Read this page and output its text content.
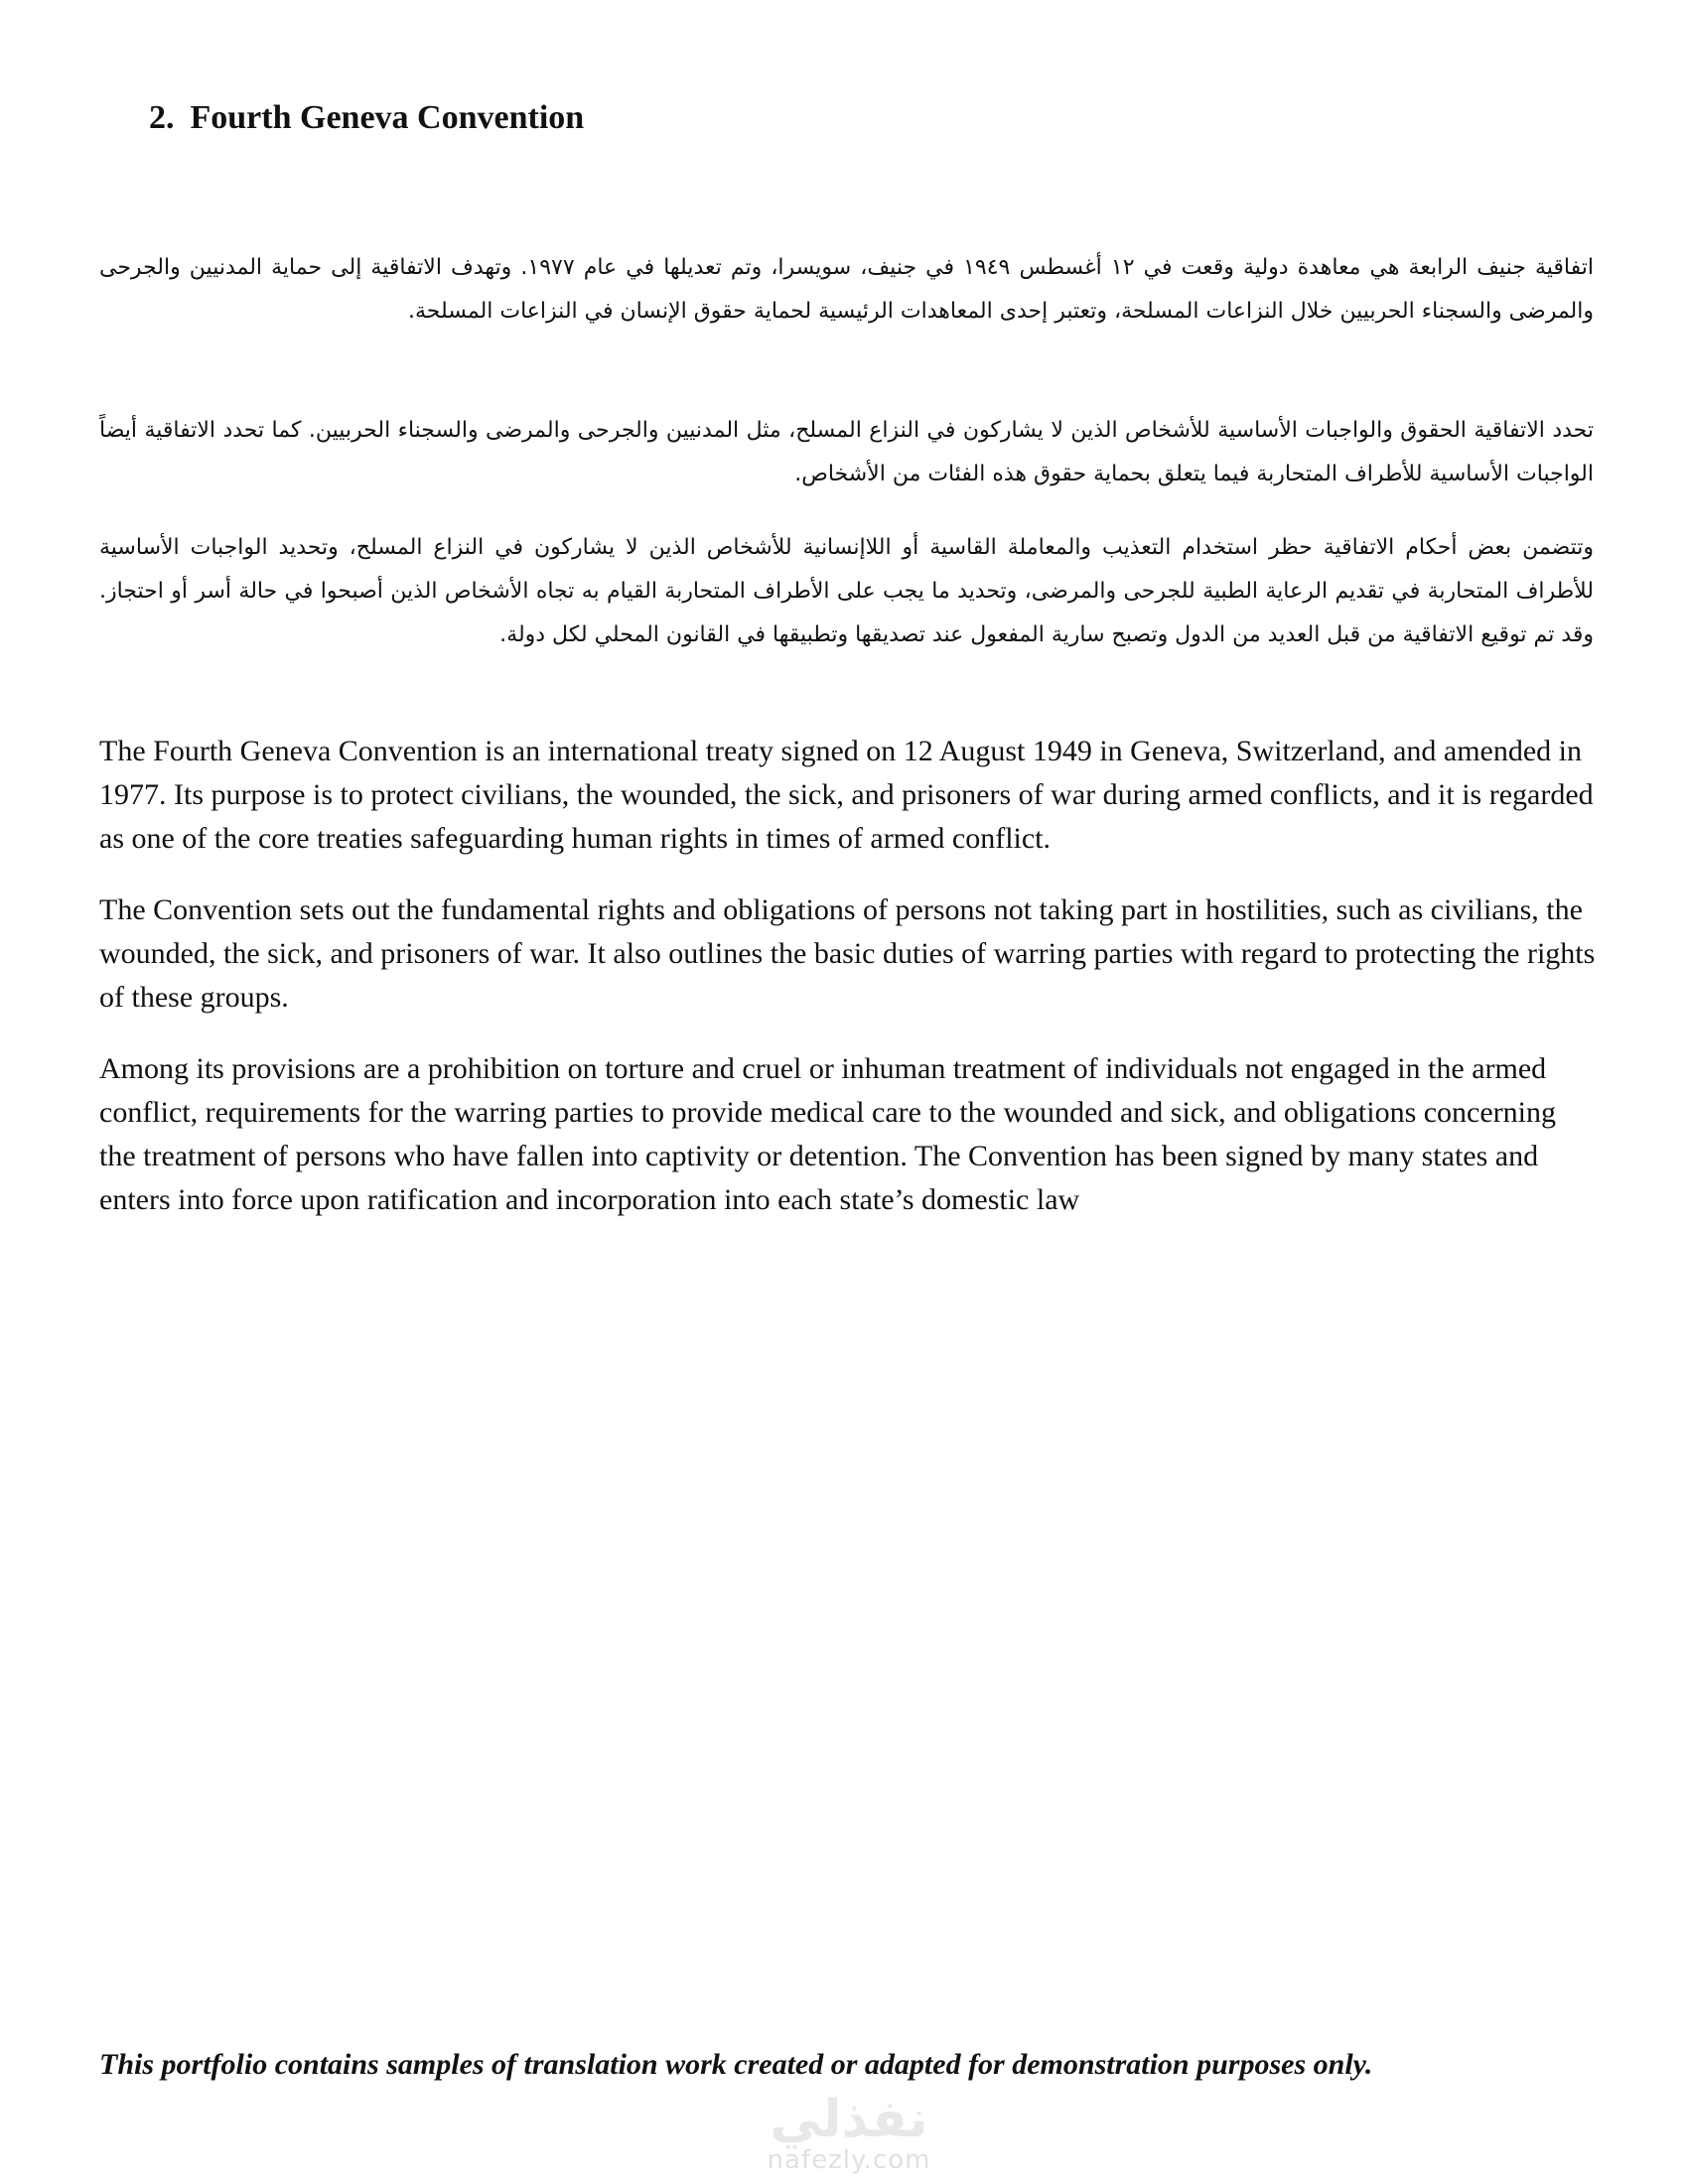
2. Fourth Geneva Convention

اتفاقية جنيف الرابعة هي معاهدة دولية وقعت في ١٢ أغسطس ١٩٤٩ في جنيف، سويسرا، وتم تعديلها في عام ١٩٧٧. وتهدف الاتفاقية إلى حماية المدنيين والجرحى والمرضى والسجناء الحربيين خلال النزاعات المسلحة، وتعتبر إحدى المعاهدات الرئيسية لحماية حقوق الإنسان في النزاعات المسلحة.

تحدد الاتفاقية الحقوق والواجبات الأساسية للأشخاص الذين لا يشاركون في النزاع المسلح، مثل المدنيين والجرحى والمرضى والسجناء الحربيين. كما تحدد الاتفاقية أيضاً الواجبات الأساسية للأطراف المتحاربة فيما يتعلق بحماية حقوق هذه الفئات من الأشخاص.

وتتضمن بعض أحكام الاتفاقية حظر استخدام التعذيب والمعاملة القاسية أو اللاإنسانية للأشخاص الذين لا يشاركون في النزاع المسلح، وتحديد الواجبات الأساسية للأطراف المتحاربة في تقديم الرعاية الطبية للجرحى والمرضى، وتحديد ما يجب على الأطراف المتحاربة القيام به تجاه الأشخاص الذين أصبحوا في حالة أسر أو احتجاز. وقد تم توقيع الاتفاقية من قبل العديد من الدول وتصبح سارية المفعول عند تصديقها وتطبيقها في القانون المحلي لكل دولة.

The Fourth Geneva Convention is an international treaty signed on 12 August 1949 in Geneva, Switzerland, and amended in 1977. Its purpose is to protect civilians, the wounded, the sick, and prisoners of war during armed conflicts, and it is regarded as one of the core treaties safeguarding human rights in times of armed conflict.

The Convention sets out the fundamental rights and obligations of persons not taking part in hostilities, such as civilians, the wounded, the sick, and prisoners of war. It also outlines the basic duties of warring parties with regard to protecting the rights of these groups.

Among its provisions are a prohibition on torture and cruel or inhuman treatment of individuals not engaged in the armed conflict, requirements for the warring parties to provide medical care to the wounded and sick, and obligations concerning the treatment of persons who have fallen into captivity or detention. The Convention has been signed by many states and enters into force upon ratification and incorporation into each state’s domestic law

This portfolio contains samples of translation work created or adapted for demonstration purposes only.

نفذلي
nafezly.com
